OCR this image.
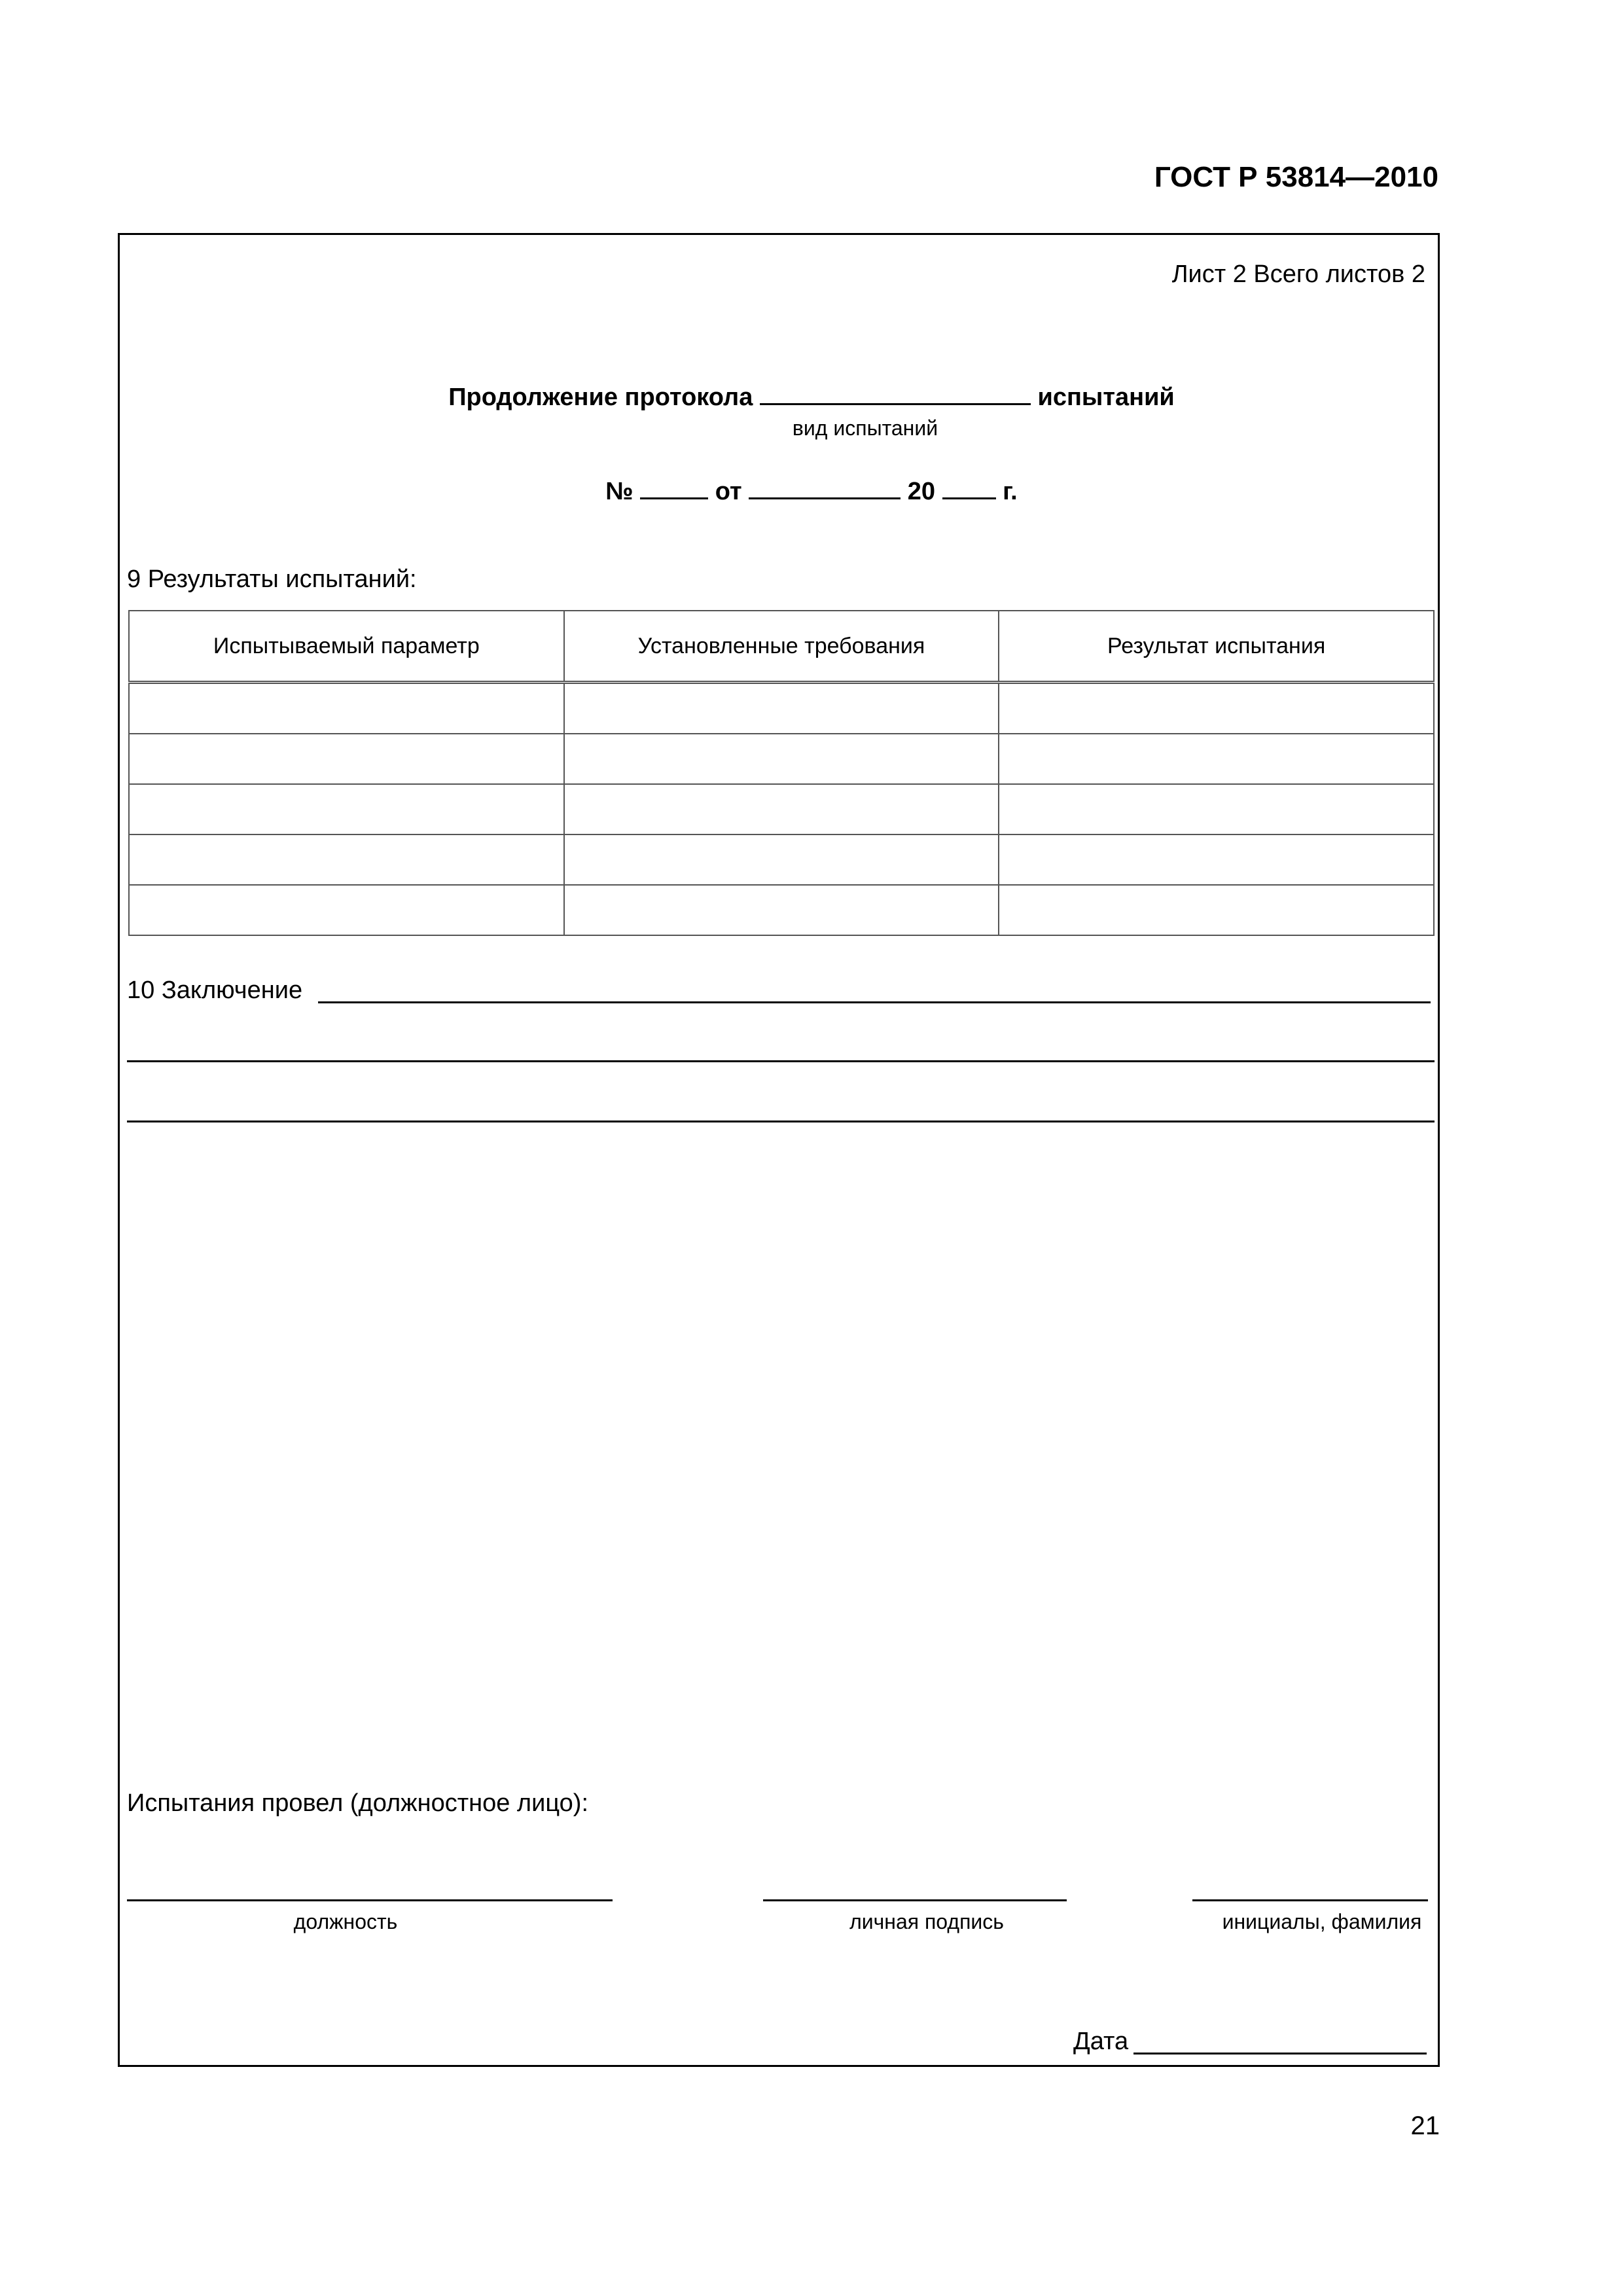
ГОСТ Р 53814—2010
Лист 2 Всего листов 2
Продолжение протокола	испытаний
вид испытаний
№	от	20	г.
9 Результаты испытаний:
Испытываемый параметр	Установленные требования	Результат испытания

10 Заключение
Испытания провел (должностное лицо):
должность	личная подпись	инициалы, фамилия
Дата
21
